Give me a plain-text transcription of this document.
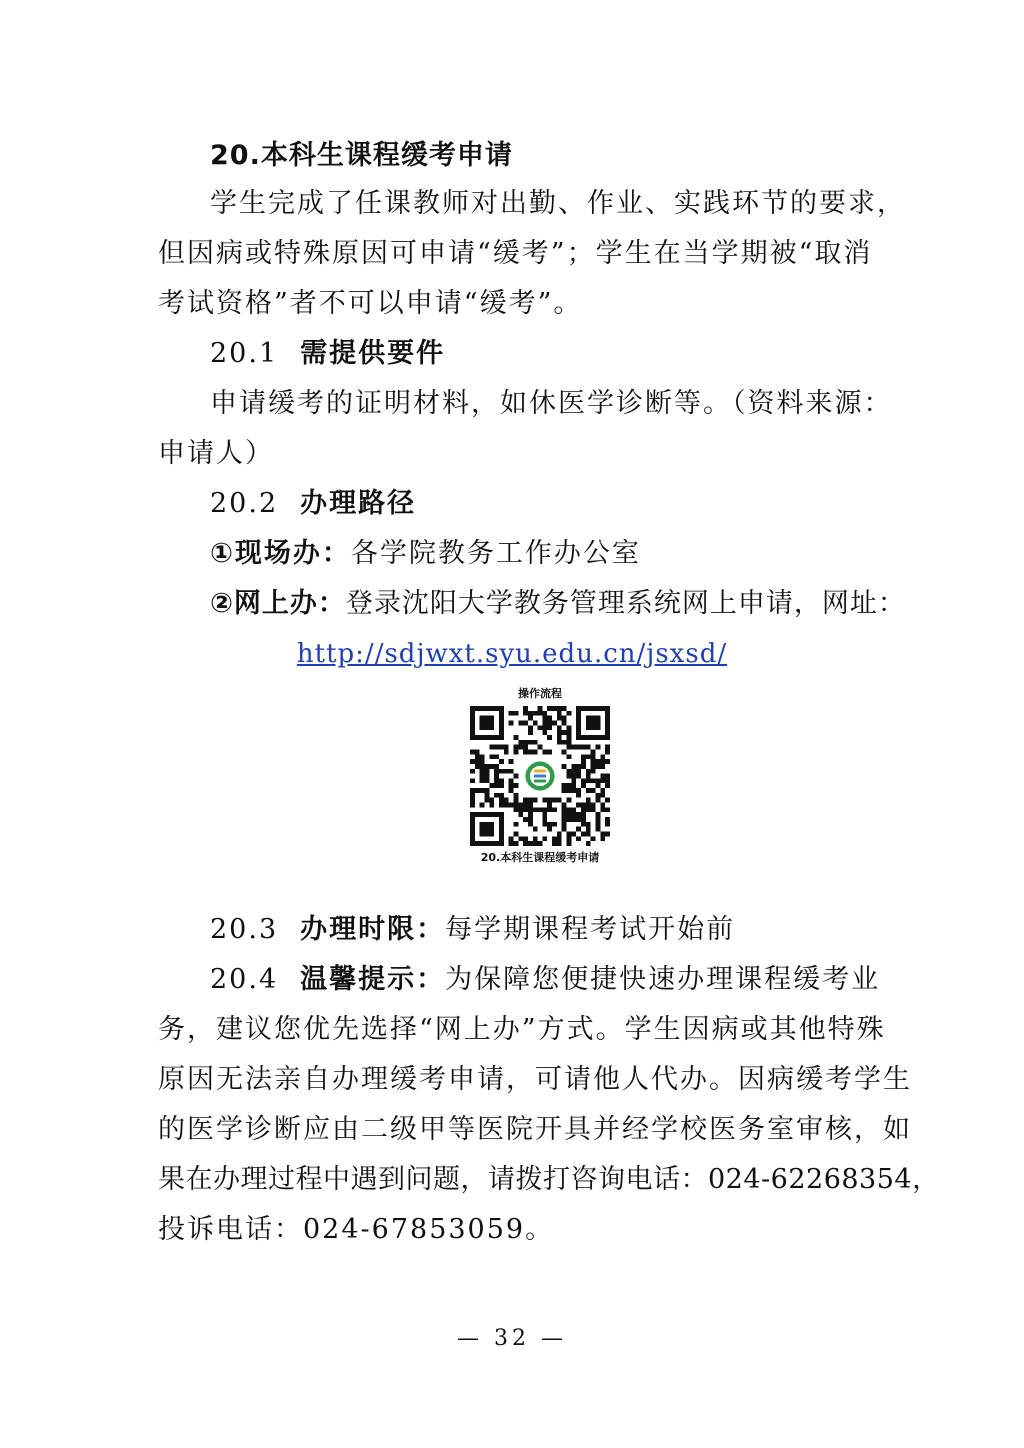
20.本科生课程缓考申请
学生完成了任课教师对出勤、作业、实践环节的要求，
但因病或特殊原因可申请“缓考”；学生在当学期被“取消
考试资格”者不可以申请“缓考”。
20.1 需提供要件
申请缓考的证明材料，如休医学诊断等。（资料来源：
申请人）
20.2 办理路径
①现场办：各学院教务工作办公室
②网上办：登录沈阳大学教务管理系统网上申请，网址：
http://sdjwxt.syu.edu.cn/jsxsd/
操作流程
20.本科生课程缓考申请
20.3 办理时限：每学期课程考试开始前
20.4 温馨提示：为保障您便捷快速办理课程缓考业
务，建议您优先选择“网上办”方式。学生因病或其他特殊
原因无法亲自办理缓考申请，可请他人代办。因病缓考学生
的医学诊断应由二级甲等医院开具并经学校医务室审核，如
果在办理过程中遇到问题，请拨打咨询电话：024-62268354，
投诉电话：024-67853059。
— 32 —
